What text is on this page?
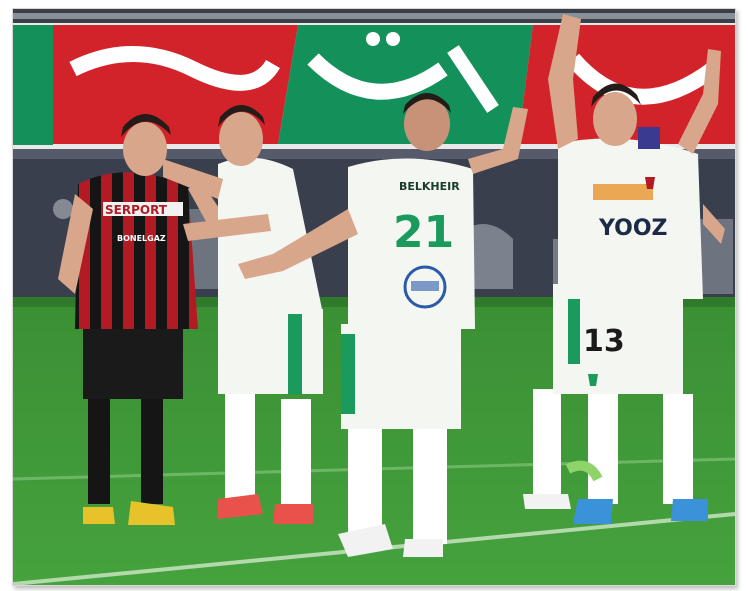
SERPORT
BONELGAZ
BELKHEIR
21	YOOZ
13
